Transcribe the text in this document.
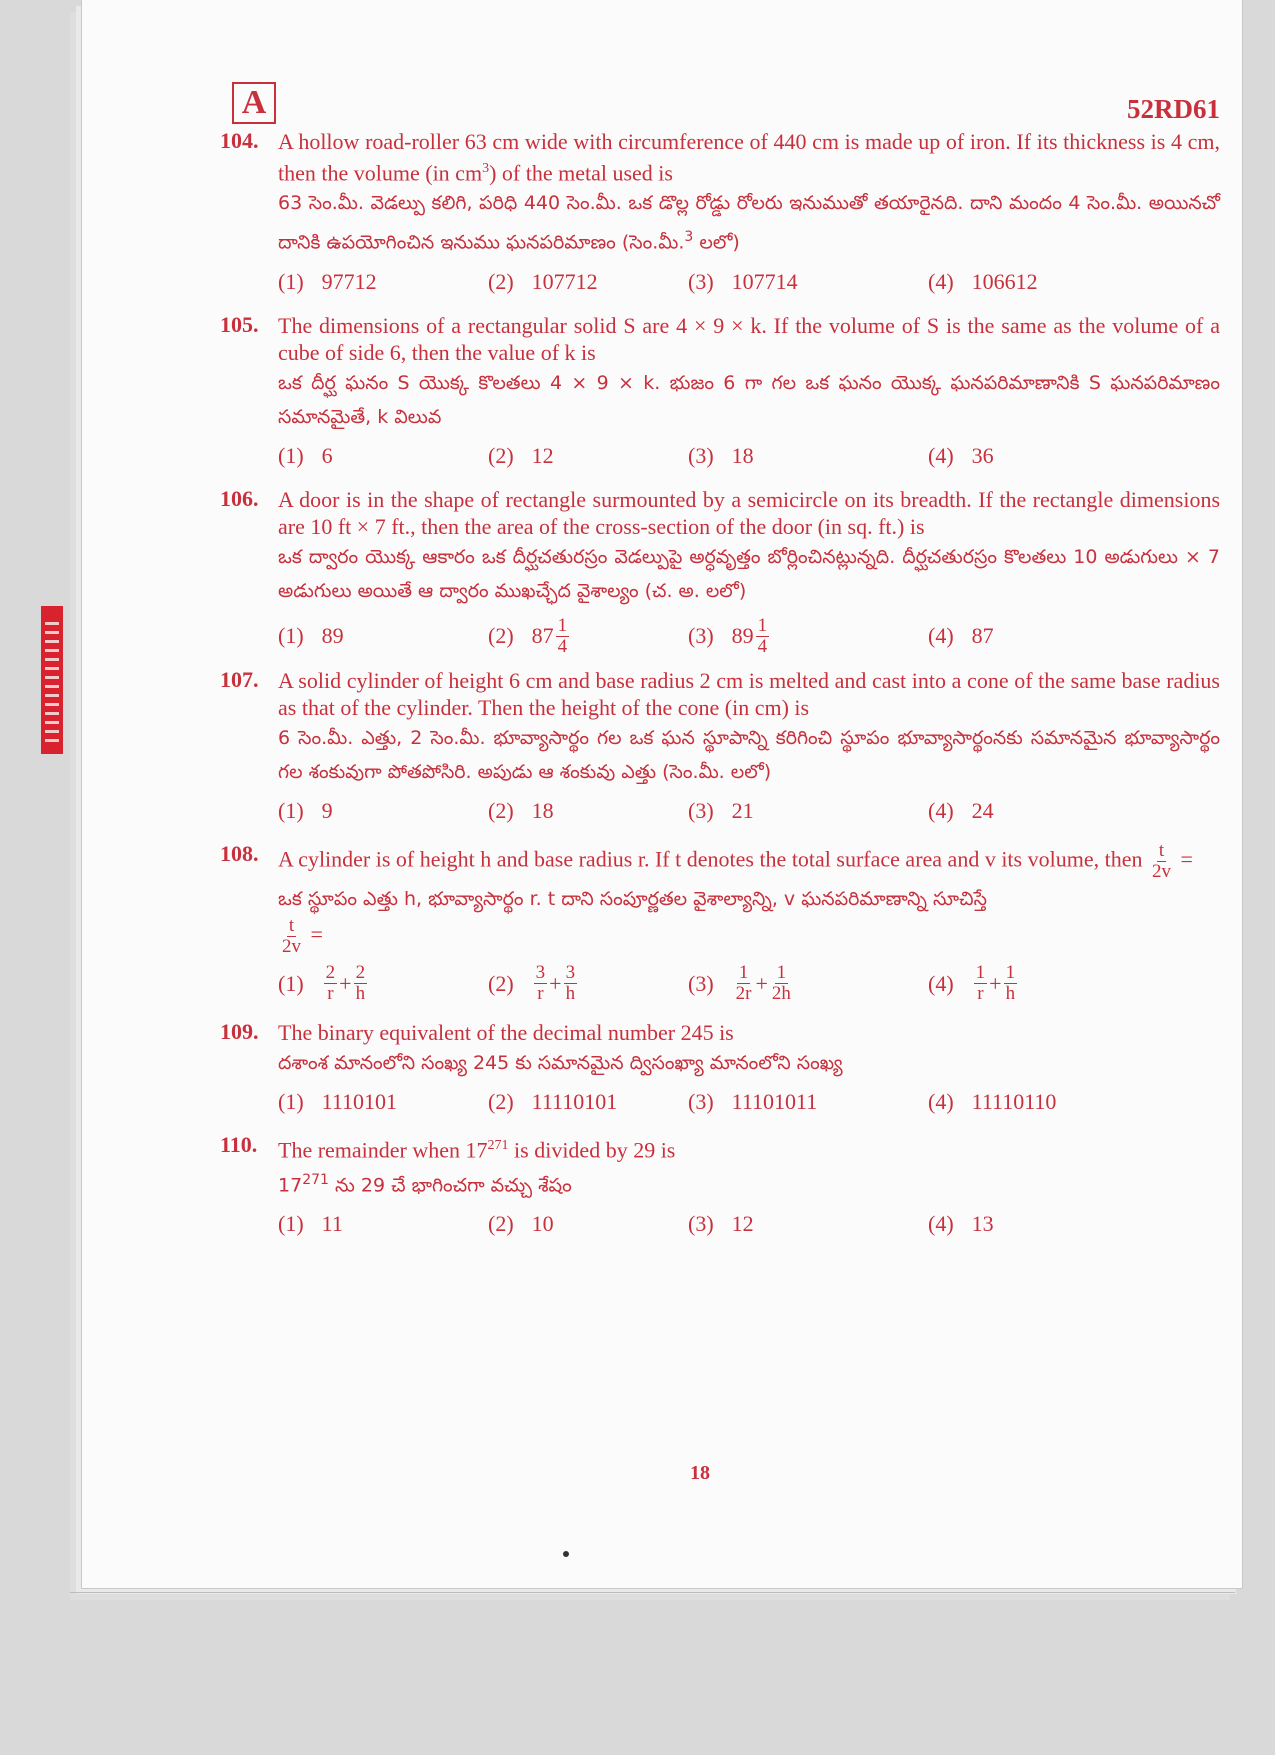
A	52RD61
104. A hollow road-roller 63 cm wide with circumference of 440 cm is made up of iron. If its thickness is 4 cm, then the volume (in $cm^3$) of the metal used is
63 సెం.మీ. వెడల్పు కలిగి, పరిధి 440 సెం.మీ. ఒక డొల్ల రోడ్డు రోలరు ఇనుముతో తయారైనది. దాని మందం 4 సెం.మీ. అయినచో దానికి ఉపయోగించిన ఇనుము ఘనపరిమాణం (సెం.మీ.$^3$ లలో)
(1) 97712	(2) 107712	(3) 107714	(4) 106612
105. The dimensions of a rectangular solid S are 4 × 9 × k. If the volume of S is the same as the volume of a cube of side 6, then the value of k is
ఒక దీర్ఘ ఘనం S యొక్క కొలతలు 4 × 9 × k. భుజం 6 గా గల ఒక ఘనం యొక్క ఘనపరిమాణానికి S ఘనపరిమాణం సమానమైతే, k విలువ
(1) 6	(2) 12	(3) 18	(4) 36
106. A door is in the shape of rectangle surmounted by a semicircle on its breadth. If the rectangle dimensions are 10 ft × 7 ft., then the area of the cross-section of the door (in sq. ft.) is
ఒక ద్వారం యొక్క ఆకారం ఒక దీర్ఘచతురస్రం వెడల్పుపై అర్ధవృత్తం బోర్లించినట్లున్నది. దీర్ఘచతురస్రం కొలతలు 10 అడుగులు × 7 అడుగులు అయితే ఆ ద్వారం ముఖచ్ఛేద వైశాల్యం (చ. అ. లలో)
(1) 89	(2) $87 \frac{1}{4}$	(3) $89 \frac{1}{4}$	(4) 87
107. A solid cylinder of height 6 cm and base radius 2 cm is melted and cast into a cone of the same base radius as that of the cylinder. Then the height of the cone (in cm) is
6 సెం.మీ. ఎత్తు, 2 సెం.మీ. భూవ్యాసార్థం గల ఒక ఘన స్థూపాన్ని కరిగించి స్థూపం భూవ్యాసార్థంనకు సమానమైన భూవ్యాసార్థం గల శంకువుగా పోతపోసిరి. అపుడు ఆ శంకువు ఎత్తు (సెం.మీ. లలో)
(1) 9	(2) 18	(3) 21	(4) 24
108. A cylinder is of height h and base radius r. If t denotes the total surface area and v its volume, then $\frac{t}{2v}$ =
ఒక స్థూపం ఎత్తు h, భూవ్యాసార్థం r. t దాని సంపూర్ణతల వైశాల్యాన్ని, v ఘనపరిమాణాన్ని సూచిస్తే
$\frac{t}{2v}$ =
$(1) \frac{2}{r} + \frac{2}{h}$	$(2) \frac{3}{r} + \frac{3}{h}$	$(3) \frac{1}{2r} + \frac{1}{2h}$	$(4) \frac{1}{r} + \frac{1}{h}$
109. The binary equivalent of the decimal number 245 is
దశాంశ మానంలోని సంఖ్య 245 కు సమానమైన ద్విసంఖ్యా మానంలోని సంఖ్య
(1) 1110101	(2) 11110101	(3) 11101011	(4) 11110110
110. The remainder when $17^{271}$ is divided by 29 is
$17^{271}$ ను 29 చే భాగించగా వచ్చు శేషం
(1) 11	(2) 10	(3) 12	(4) 13
18
